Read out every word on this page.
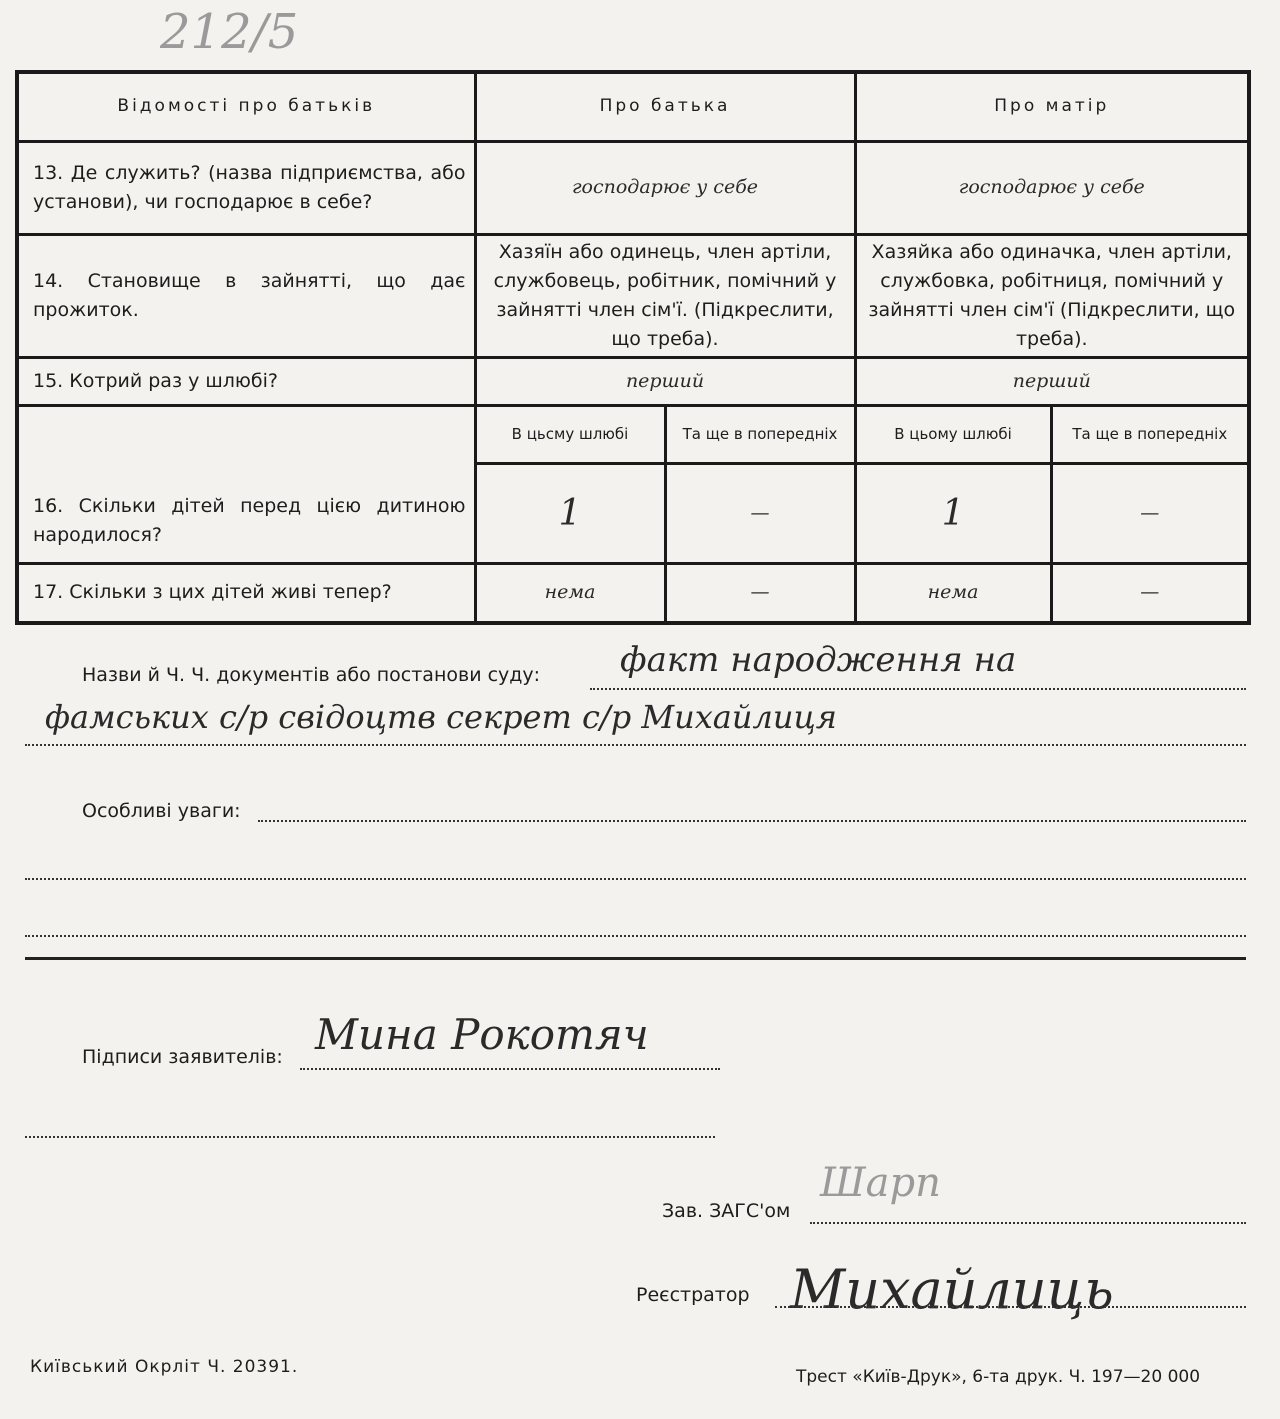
212/5
Відомості про батьків	Про батька		Про матір	
13. Де служить? (назва підприємства, або установи), чи господарює в себе?	господарює у себе		господарює у себе	
14. Становище в зайнятті, що дає прожиток.	Хазяїн або одинець, член артіли, службовець, робітник, помічний у зайнятті член сім'ї. (Підкреслити, що треба).		Хазяйка або одиначка, член артіли, службовка, робітниця, помічний у зайнятті член сім'ї (Підкреслити, що треба).	
15. Котрий раз у шлюбі?	перший		перший	
16. Скільки дітей перед цією дитиною народилося?	В цьсму шлюбі	Та ще в попередніх	В цьому шлюбі	Та ще в попередніх
	1	—	1	—
17. Скільки з цих дітей живі тепер?	нема	—	нема	—
Назви й Ч. Ч. документів або постанови суду: факт народження на
фамських с/р свідоцтв секрет с/р Михайлиця
Особливі уваги:
Підписи заявителів: Мина Рокотяч
Зав. ЗАГС'ом
Шарп
Реєстратор Михайлиць
Київський Окрліт Ч. 20391.	Трест «Київ-Друк», 6-та друк. Ч. 197—20 000
